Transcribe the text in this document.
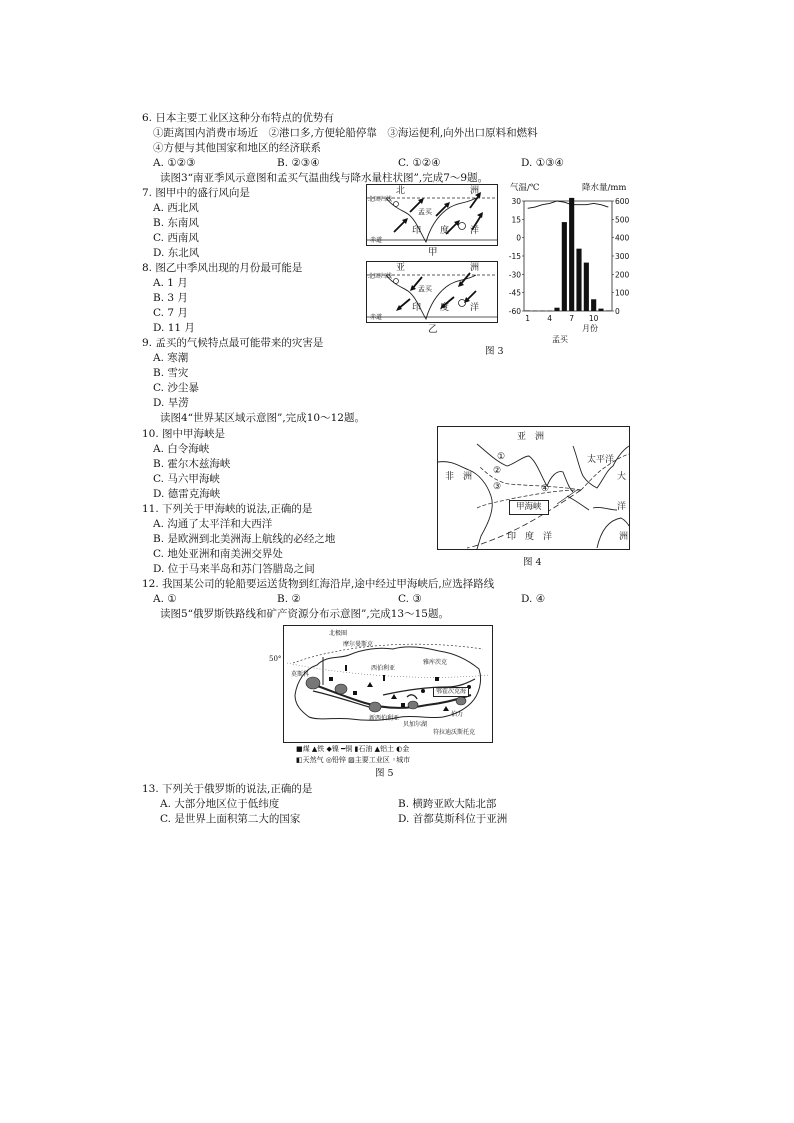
6. 日本主要工业区这种分布特点的优势有
①距离国内消费市场近　②港口多,方便轮船停靠　③海运便利,向外出口原料和燃料
④方便与其他国家和地区的经济联系
A. ①②③	B. ②③④	C. ①②④	D. ①③④
读图3“南亚季风示意图和孟买气温曲线与降水量柱状图”,完成7～9题。
7. 图甲中的盛行风向是
A. 西北风
B. 东南风
C. 西南风
D. 东北风
8. 图乙中季风出现的月份最可能是
A. 1 月
B. 3 月
C. 7 月
D. 11 月
9. 孟买的气候特点最可能带来的灾害是
A. 寒潮
B. 雪灾
C. 沙尘暴
D. 旱涝
北	洲
北回归线
孟买
印 度 洋
赤道
甲
亚	洲
北回归线
孟买
印 度 洋
赤道
乙
气温/℃	降水量/mm
30
15
0
-15
-30
-45
-60
600
500
400
300
200
100
0
1 4 7 10
月份
孟买
图 3
读图4“世界某区域示意图”,完成10～12题。
10. 图中甲海峡是
A. 白令海峡
B. 霍尔木兹海峡
C. 马六甲海峡
D. 德雷克海峡
11. 下列关于甲海峡的说法,正确的是
A. 沟通了太平洋和大西洋
B. 是欧洲到北美洲海上航线的必经之地
C. 地处亚洲和南美洲交界处
D. 位于马来半岛和苏门答腊岛之间
亚　洲
非　洲
太平洋
②
③
①
④
大
洋
洲
甲海峡
印　度　洋
图 4
12. 我国某公司的轮船要运送货物到红海沿岸,途中经过甲海峡后,应选择路线
A. ①	B. ②	C. ③	D. ④
读图5“俄罗斯铁路线和矿产资源分布示意图”,完成13～15题。
50°
北极圈
摩尔曼斯克
莫斯科
新西伯利亚
西伯利亚
贝加尔湖
伯力
符拉迪沃斯托克
雅库茨克
鄂霍次克海
■煤 ▲铁 ◆镍 ━铜 ▮石油 ▲铝土 ◐金
◧天然气 ◎铅锌 ▨主要工业区 ◦城市
图 5
13. 下列关于俄罗斯的说法,正确的是
A. 大部分地区位于低纬度	B. 横跨亚欧大陆北部
C. 是世界上面积第二大的国家	D. 首都莫斯科位于亚洲
